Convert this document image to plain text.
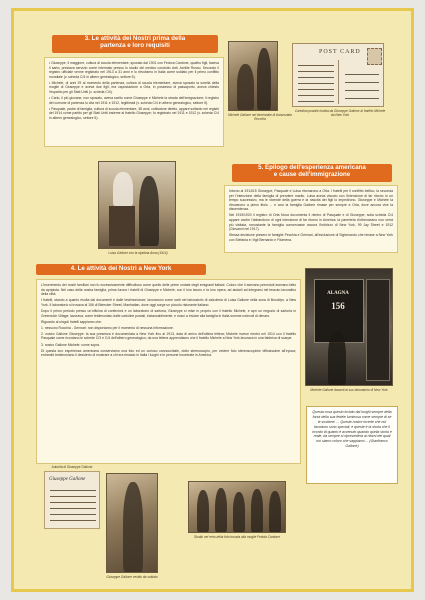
3. Le attività dei Nostri prima della
partenza e loro requisiti

• Giuseppe, il maggiore, cultura di scuola elementare, sposato dal 1901 con Fedora Cardone, quattro figli, faceva il sarto; prestava servizio come interinato presso lo studio del medico condotto dott. Achille Russo. Secondo il registro ufficiale venne registrato nel 1913 a 31 anni e lo ritroviamo in Italia come soldato per il primo conflitto mondiale (v. scheda C/4 in albero genealogico, settore 5).

• Michele, di anni 29 al momento della partenza, cultura di scuola elementare, aveva sposato la sorella della moglie di Giuseppe e aveva due figli; era capostazione a Orta, in possesso di passaporto, aveva chiesto l'espatrio per gli Stati Uniti (v. scheda C/4).

• Carlo, il più giovane, non sposato, aveva scelto come Giuseppe e Michele la strada dell'emigrazione; il registro del comune di partenza lo cita nel 1911 e 1912, legittimati (v. scheda C/4 in albero genealogico, settore 5).

• Pasquale, padre di famiglia, cultura di scuola elementare, 38 anni, coltivatore diretto, appare soltanto nei registri del 1914 come partito per gli Stati Uniti insieme al fratello Giuseppe; fu registrato nel 1911 e 1912 (v. scheda C/4 in albero genealogico, settore 5).

Michele Gallone nel decennale di Annunziata Rocchia
POST CARD
Cartolina postale inviata da Giuseppe Gallone al fratello Michele da New York
Luisa Gallone con la nipotina Anna (1914)
5. Epilogo dell'esperienza americana
e cause dell'immigrazione

Intorno al 1914/15 Giuseppe, Pasquale e Luisa ritornarono a Orta. I fratelli per il conflitto bellico, la seconda per l'intenzione della famiglia di prendere marito. Luisa aveva vissuto con l'intenzione di far ritorno in un tempo successivo, ma le vicende della guerra e la nascita dei figli lo impedirono. Giuseppe e Michele la ritrovarono a pieno titolo ... e così la famiglia Gallone rimase per sempre a Orta, dove ancora vive la discendenza.

Nel 1919/1920 il registro di Orta Nova documenta il rientro di Pasquale e di Giuseppe; sulla scheda C/4 appare anche l'abbandono di ogni intenzione di far ritorno in America: la parentela d'oltreoceano non verrà più visitata, nonostante la famiglia conservasse ancora l'indirizzo di New York, 99 Jay Street e 1912 (Giovanni nel 1917).

Stessa decisione presero le famiglie Pecchia e Gennari, all'esclusione di Sigismondo che rimase a New York con Stefania e i figli Bernardo e Filomena.

4. Le attività dei Nostri a New York

L'inserimento dei nostri familiari non fu eccessivamente difficoltoso come quello delle prime ondate degli emigranti italiani. Coloro che li avevano preceduti avevano fatto da apripista. Nel caso della nostra famiglia, prima furono i fratelli di Giuseppe e Michele, con il loro lavoro e la loro opera, ad aiutarli ad integrarsi nel tessuto lavorativo della città.

I fratelli, stando a quanto risulta dai documenti e dalle testimonianze, lavorarono come sarti nel laboratorio di calzoleria di Luisa Gallone nella zona di Brooklyn, a New York. Il laboratorio si trovava al 156 di Bleecker Street, Manhattan, dove oggi sorge un piccolo ristorante italiano.

Dopo il primo periodo presso un'officina di confezioni e un laboratorio di sartoria, Giuseppe si mise in proprio con il fratello Michele, e aprì un negozio di sartoria in Greenwich Village; lavorava, come testimoniato dalle cartoline postali, instancabilmente, e riuscì a inviare alla famiglia in Italia somme notevoli di denaro.

Riguardo ai singoli fratelli sappiamo che:

1. nessuno Rocchia - Gennari: non disponiamo per il momento di nessuna informazione.

2. nostro Gallone Giuseppe: la sua presenza è documentata a New York fino al 1913, data di arrivo dell'ultima lettera; Michele invece rientrò nel 1914 con il fratello Pasquale come ricordano le schede C/3 e C/4 dell'albero genealogico; da una lettera apprendiamo che il fratello Michele a New York lavorava in una fabbrica di scarpe.

3. nostro Gallone Michele: come sopra.

Di questa loro esperienza americana conserviamo una foto ed un curioso cannocchiale, dotto stereoscopio, per vedere foto stereoscopiche diffusissime all'epoca; entrambi testimoniano il desiderio di mostrare a chi era rimasto in Italia i luoghi e le persone incontrate in America.

ALAGNA
156
Michele Gallone davanti al suo laboratorio di New York
Questa cosa questo inviato dai luoghi sempre della forza della sua fedele luminosa come sempre di se le sostiene. ... Queste nostre incerte che noi facciamo sono speciali, e queste è la storia che il ricordo di quanto è avvenuto quando quella storia è reale, da sempre si ripresenterà ai ritorni dei quali noi siamo coloro che sappiamo ... (Gianfranco Gallone)
Giuseppe Gallone
Autorità di Giuseppe Gallone
Giuseppe Gallone vestito da soldato
Studio nel retro della foto trovata alla moglie Fedola Cardone
